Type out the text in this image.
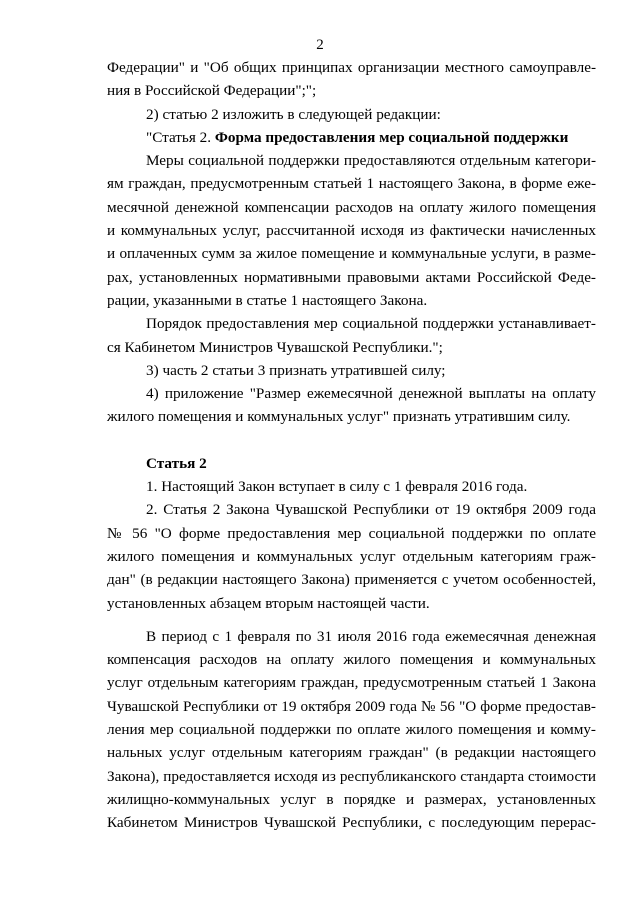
2

Федерации" и "Об общих принципах организации местного самоуправле-
ния в Российской Федерации";";

2) статью 2 изложить в следующей редакции:

"Статья 2. Форма предоставления мер социальной поддержки

Меры социальной поддержки предоставляются отдельным категори-
ям граждан, предусмотренным статьей 1 настоящего Закона, в форме еже-
месячной денежной компенсации расходов на оплату жилого помещения
и коммунальных услуг, рассчитанной исходя из фактически начисленных
и оплаченных сумм за жилое помещение и коммунальные услуги, в разме-
рах, установленных нормативными правовыми актами Российской Феде-
рации, указанными в статье 1 настоящего Закона.

Порядок предоставления мер социальной поддержки устанавливает-
ся Кабинетом Министров Чувашской Республики.";

3) часть 2 статьи 3 признать утратившей силу;

4) приложение "Размер ежемесячной денежной выплаты на оплату
жилого помещения и коммунальных услуг" признать утратившим силу.

Статья 2

1. Настоящий Закон вступает в силу с 1 февраля 2016 года.

2. Статья 2 Закона Чувашской Республики от 19 октября 2009 года
№ 56 "О форме предоставления мер социальной поддержки по оплате
жилого помещения и коммунальных услуг отдельным категориям граж-
дан" (в редакции настоящего Закона) применяется с учетом особенностей,
установленных абзацем вторым настоящей части.

В период с 1 февраля по 31 июля 2016 года ежемесячная денежная
компенсация расходов на оплату жилого помещения и коммунальных
услуг отдельным категориям граждан, предусмотренным статьей 1 Закона
Чувашской Республики от 19 октября 2009 года № 56 "О форме предостав-
ления мер социальной поддержки по оплате жилого помещения и комму-
нальных услуг отдельным категориям граждан" (в редакции настоящего
Закона), предоставляется исходя из республиканского стандарта стоимости
жилищно-коммунальных услуг в порядке и размерах, установленных
Кабинетом Министров Чувашской Республики, с последующим перерас-
